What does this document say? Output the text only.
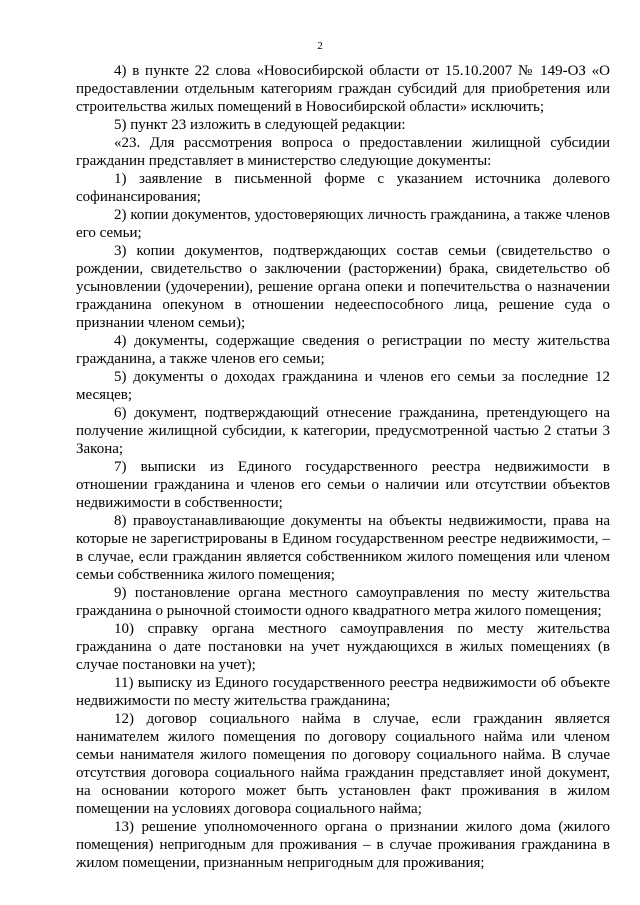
2

4) в пункте 22 слова «Новосибирской области от 15.10.2007 № 149-ОЗ «О предоставлении отдельным категориям граждан субсидий для приобретения или строительства жилых помещений в Новосибирской области» исключить;

5) пункт 23 изложить в следующей редакции:

«23. Для рассмотрения вопроса о предоставлении жилищной субсидии гражданин представляет в министерство следующие документы:

1) заявление в письменной форме с указанием источника долевого софинансирования;

2) копии документов, удостоверяющих личность гражданина, а также членов его семьи;

3) копии документов, подтверждающих состав семьи (свидетельство о рождении, свидетельство о заключении (расторжении) брака, свидетельство об усыновлении (удочерении), решение органа опеки и попечительства о назначении гражданина опекуном в отношении недееспособного лица, решение суда о признании членом семьи);

4) документы, содержащие сведения о регистрации по месту жительства гражданина, а также членов его семьи;

5) документы о доходах гражданина и членов его семьи за последние 12 месяцев;

6) документ, подтверждающий отнесение гражданина, претендующего на получение жилищной субсидии, к категории, предусмотренной частью 2 статьи 3 Закона;

7) выписки из Единого государственного реестра недвижимости в отношении гражданина и членов его семьи о наличии или отсутствии объектов недвижимости в собственности;

8) правоустанавливающие документы на объекты недвижимости, права на которые не зарегистрированы в Едином государственном реестре недвижимости, – в случае, если гражданин является собственником жилого помещения или членом семьи собственника жилого помещения;

9) постановление органа местного самоуправления по месту жительства гражданина о рыночной стоимости одного квадратного метра жилого помещения;

10) справку органа местного самоуправления по месту жительства гражданина о дате постановки на учет нуждающихся в жилых помещениях (в случае постановки на учет);

11) выписку из Единого государственного реестра недвижимости об объекте недвижимости по месту жительства гражданина;

12) договор социального найма в случае, если гражданин является нанимателем жилого помещения по договору социального найма или членом семьи нанимателя жилого помещения по договору социального найма. В случае отсутствия договора социального найма гражданин представляет иной документ, на основании которого может быть установлен факт проживания в жилом помещении на условиях договора социального найма;

13) решение уполномоченного органа о признании жилого дома (жилого помещения) непригодным для проживания – в случае проживания гражданина в жилом помещении, признанным непригодным для проживания;
